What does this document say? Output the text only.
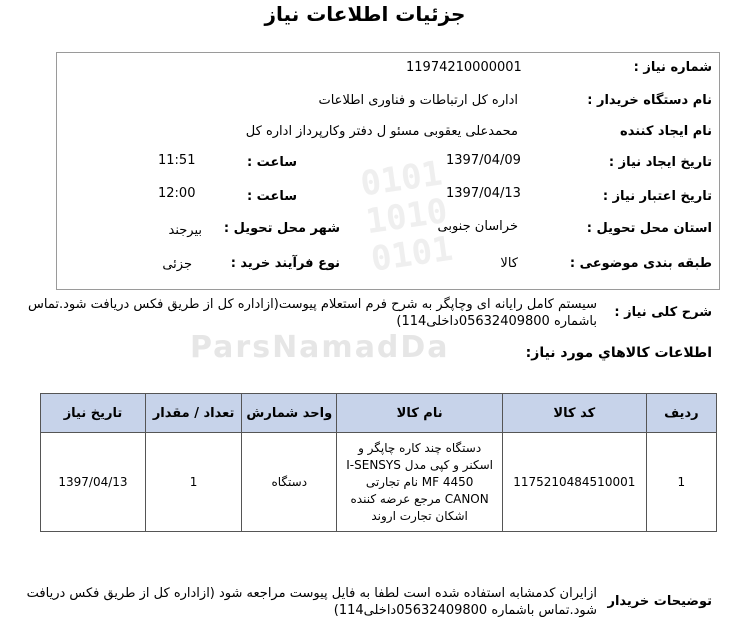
ParsNamadDa
0101
1010
0101
جزئیات اطلاعات نیاز
شماره نیاز :
11974210000001
نام دستگاه خریدار :
اداره کل ارتباطات و فناوری اطلاعات
نام ایجاد کننده
محمدعلی یعقوبی مسئو ل دفتر وکارپرداز اداره کل
تاریخ ایجاد نیاز :
1397/04/09
ساعت :
11:51
تاریخ اعتبار نیاز :
1397/04/13
ساعت :
12:00
استان محل تحویل :
خراسان جنوبی
شهر محل تحویل :
بیرجند
طبقه بندی موضوعی :
کالا
نوع فرآیند خرید :
جزئی
شرح کلی نیاز :
سیستم کامل رایانه ای وچاپگر به شرح فرم استعلام پیوست(ازاداره کل از طریق فکس دریافت شود.تماس باشماره 05632409800داخلی114)
اطلاعات کالاهاي مورد نياز:
ردیف	کد کالا	نام کالا	واحد شمارش	تعداد / مقدار	تاریخ نیاز
1	1175210484510001	دستگاه چند کاره چاپگر و اسکنر و کپی مدل I-SENSYS MF 4450 نام تجارتی CANON مرجع عرضه کننده اشکان تجارت اروند	دستگاه	1	1397/04/13
توضیحات خریدار
ازایران کدمشابه استفاده شده است لطفا به فایل پیوست مراجعه شود (ازاداره کل از طریق فکس دریافت شود.تماس باشماره 05632409800داخلی114)
